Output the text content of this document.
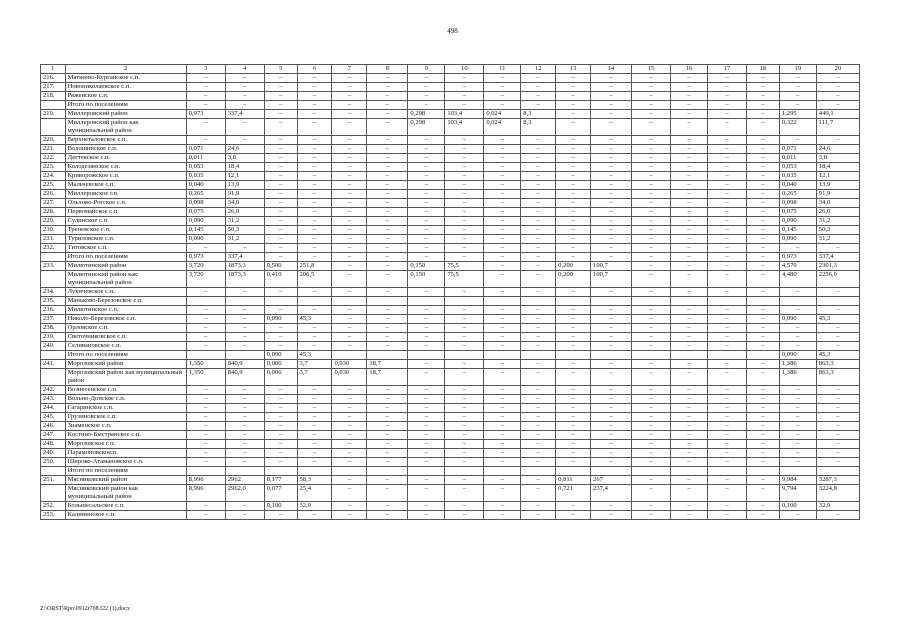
498
1	2	3	4	5	6	7	8	9	10	11	12	13	14	15	16	17	18	19	20
216.	Матвеево-Курганское с.п.	–	–	–	–	–	–	–	–	–	–	–	–	–	–	–	–	–	–
217.	Новониколаевское с.п.	–	–	–	–	–	–	–	–	–	–	–	–	–	–	–	–	–	–
218.	Ряженское с.п.	–	–	–	–	–	–	–	–	–	–	–	–	–	–	–	–	–	–
	Итого по поселениям	–	–	–	–	–	–	–	–	–	–	–	–	–	–	–	–	–	–
219.	Миллеровский район	0,973	337,4	–	–	–	–	0,298	103,4	0,024	8,3	–	–	–	–	–	–	1,295	449,1
	Миллеровский район как муниципальный район	–	–	–	–	–	–	0,298	103,4	0,024	8,3	–	–	–	–	–	–	0,322	111,7
220.	Верхнеталовское с.п.	–	–	–	–	–	–	–	–	–	–	–	–	–	–	–	–	–	–
221.	Волошинское с.п.	0,071	24,6	–	–	–	–	–	–	–	–	–	–	–	–	–	–	0,071	24,6
222.	Дегтевское с.п.	0,011	3,8	–	–	–	–	–	–	–	–	–	–	–	–	–	–	0,011	3,8
223.	Колодезянское с.п.	0,053	18,4	–	–	–	–	–	–	–	–	–	–	–	–	–	–	0,053	18,4
224.	Криворожское с.п.	0,035	12,1	–	–	–	–	–	–	–	–	–	–	–	–	–	–	0,035	12,1
225.	Мальчевское с.п.	0,040	13,9	–	–	–	–	–	–	–	–	–	–	–	–	–	–	0,040	13,9
226.	Миллеровское г.п.	0,265	91,9	–	–	–	–	–	–	–	–	–	–	–	–	–	–	0,265	91,9
227.	Ольхово-Рогское с.п.	0,098	34,0	–	–	–	–	–	–	–	–	–	–	–	–	–	–	0,098	34,0
228.	Первомайское с.п.	0,075	26,0	–	–	–	–	–	–	–	–	–	–	–	–	–	–	0,075	26,0
229.	Сулинское с.п.	0,090	31,2	–	–	–	–	–	–	–	–	–	–	–	–	–	–	0,090	31,2
230.	Треневское с.п.	0,145	50,3	–	–	–	–	–	–	–	–	–	–	–	–	–	–	0,145	50,3
231.	Туриловское с.п.	0,090	31,2	–	–	–	–	–	–	–	–	–	–	–	–	–	–	0,090	31,2
232.	Титовское с.п.	–	–	–	–	–	–	–	–	–	–	–	–	–	–	–	–	–	–
	Итого по поселениям	0,973	337,4	–	–	–	–	–	–	–	–	–	–	–	–	–	–	0,973	337,4
233.	Милютинский район	3,720	1873,3	0,500	251,8	–	–	0,150	75,5	–	–	0,200	100,7	–	–	–	–	4,570	2301,3
	Милютинский район как муниципальный район	3,720	1873,3	0,410	206,5	–	–	0,150	75,5	–	–	0,200	100,7	–	–	–	–	4,480	2256,0
234.	Лукичевское с.п.	–	–	–	–	–	–	–	–	–	–	–	–	–	–	–	–	–	–
235.	Маньково-Березовское с.п.																		
236.	Милютинское с.п.	–	–	–	–	–	–	–	–	–	–	–	–	–	–	–	–	–	–
237.	Николо-Березовское с.п.	–	–	0,090	45,3	–	–	–	–	–	–	–	–	–	–	–	–	0,090	45,3
238.	Орловское с.п.	–	–	–	–	–	–	–	–	–	–	–	–	–	–	–	–	–	–
239.	Светочниковское с.п.	–	–	–	–	–	–	–	–	–	–	–	–	–	–	–	–	–	–
240.	Селивановское с.п.	–	–	–	–	–	–	–	–	–	–	–	–	–	–	–	–	–	–
	Итого по поселениям			0,090	45,3													0,090	45,3
241.	Морозовский район	1,350	840,9	0,006	3,7	0,030	18,7	–	–	–	–	–	–	–	–	–	–	1,386	863,3
	Морозовский район как муниципальный район	1,350	840,9	0,006	3,7	0,030	18,7	–	–	–	–	–	–	–	–	–	–	1,386	863,3
242.	Вознесенское с.п.	–	–	–	–	–	–	–	–	–	–	–	–	–	–	–	–	–	–
243.	Вольно-Донское с.п.	–	–	–	–	–	–	–	–	–	–	–	–	–	–	–	–	–	–
244.	Гагаринское с.п.	–	–	–	–	–	–	–	–	–	–	–	–	–	–	–	–	–	–
245.	Грузиновское с.п.	–	–	–	–	–	–	–	–	–	–	–	–	–	–	–	–	–	–
246.	Знаменское с.п.	–	–	–	–	–	–	–	–	–	–	–	–	–	–	–	–	–	–
247.	Костино-Быстрянское с.п.	–	–	–	–	–	–	–	–	–	–	–	–	–	–	–	–	–	–
248.	Морозовское г.п.	–	–	–	–	–	–	–	–	–	–	–	–	–	–	–	–	–	–
249.	Парамоновское.п.	–	–	–	–	–	–	–	–	–	–	–	–	–	–	–	–	–	–
250.	Широко-Атамановское с.п.	–	–	–	–	–	–	–	–	–	–	–	–	–	–	–	–	–	–
	Итого по поселениям																		
251.	Мясниковский район	8,996	2962	0,177	58,3	–	–	–	–	–	–	0,811	267	–	–	–	–	9,984	3287,3
	Мясниковский район как муниципальный район	8,996	2962,0	0,077	25,4	–	–	–	–	–	–	0,721	237,4	–	–	–	–	9,794	3224,8
252.	Большесальское с.п.	–	–	0,100	32,9	–	–	–	–	–	–	–	–	–	–	–	–	0,100	32,9
253.	Калининское с.п.	–	–	–	–	–	–	–	–	–	–	–	–	–	–	–	–	–	–
Z:\ORST\Rpo\0912r708.f22 (1).docx
